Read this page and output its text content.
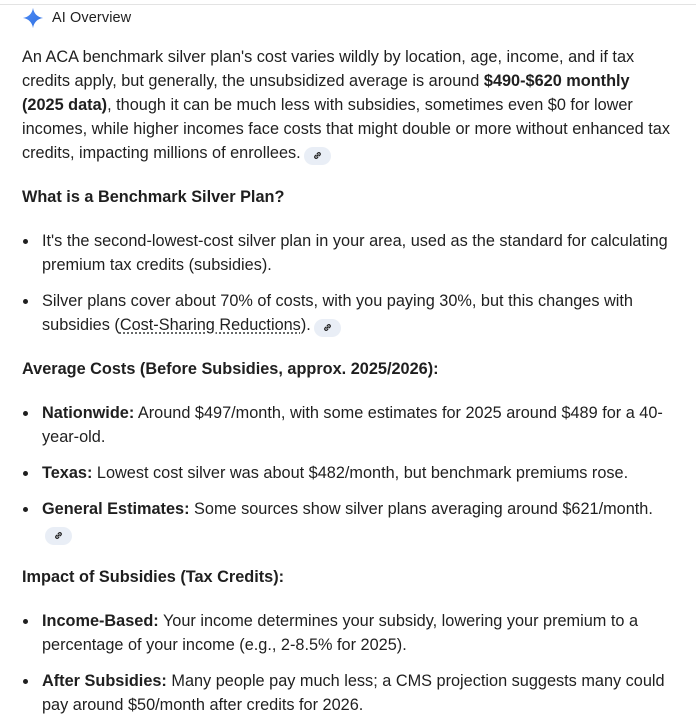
AI Overview

An ACA benchmark silver plan's cost varies wildly by location, age, income, and if tax credits apply, but generally, the unsubsidized average is around $490-$620 monthly (2025 data), though it can be much less with subsidies, sometimes even $0 for lower incomes, while higher incomes face costs that might double or more without enhanced tax credits, impacting millions of enrollees.

What is a Benchmark Silver Plan?
It's the second-lowest-cost silver plan in your area, used as the standard for calculating premium tax credits (subsidies).
Silver plans cover about 70% of costs, with you paying 30%, but this changes with subsidies (Cost-Sharing Reductions).
Average Costs (Before Subsidies, approx. 2025/2026):
Nationwide: Around $497/month, with some estimates for 2025 around $489 for a 40-year-old.
Texas: Lowest cost silver was about $482/month, but benchmark premiums rose.
General Estimates: Some sources show silver plans averaging around $621/month.
Impact of Subsidies (Tax Credits):
Income-Based: Your income determines your subsidy, lowering your premium to a percentage of your income (e.g., 2-8.5% for 2025).
After Subsidies: Many people pay much less; a CMS projection suggests many could pay around $50/month after credits for 2026.
